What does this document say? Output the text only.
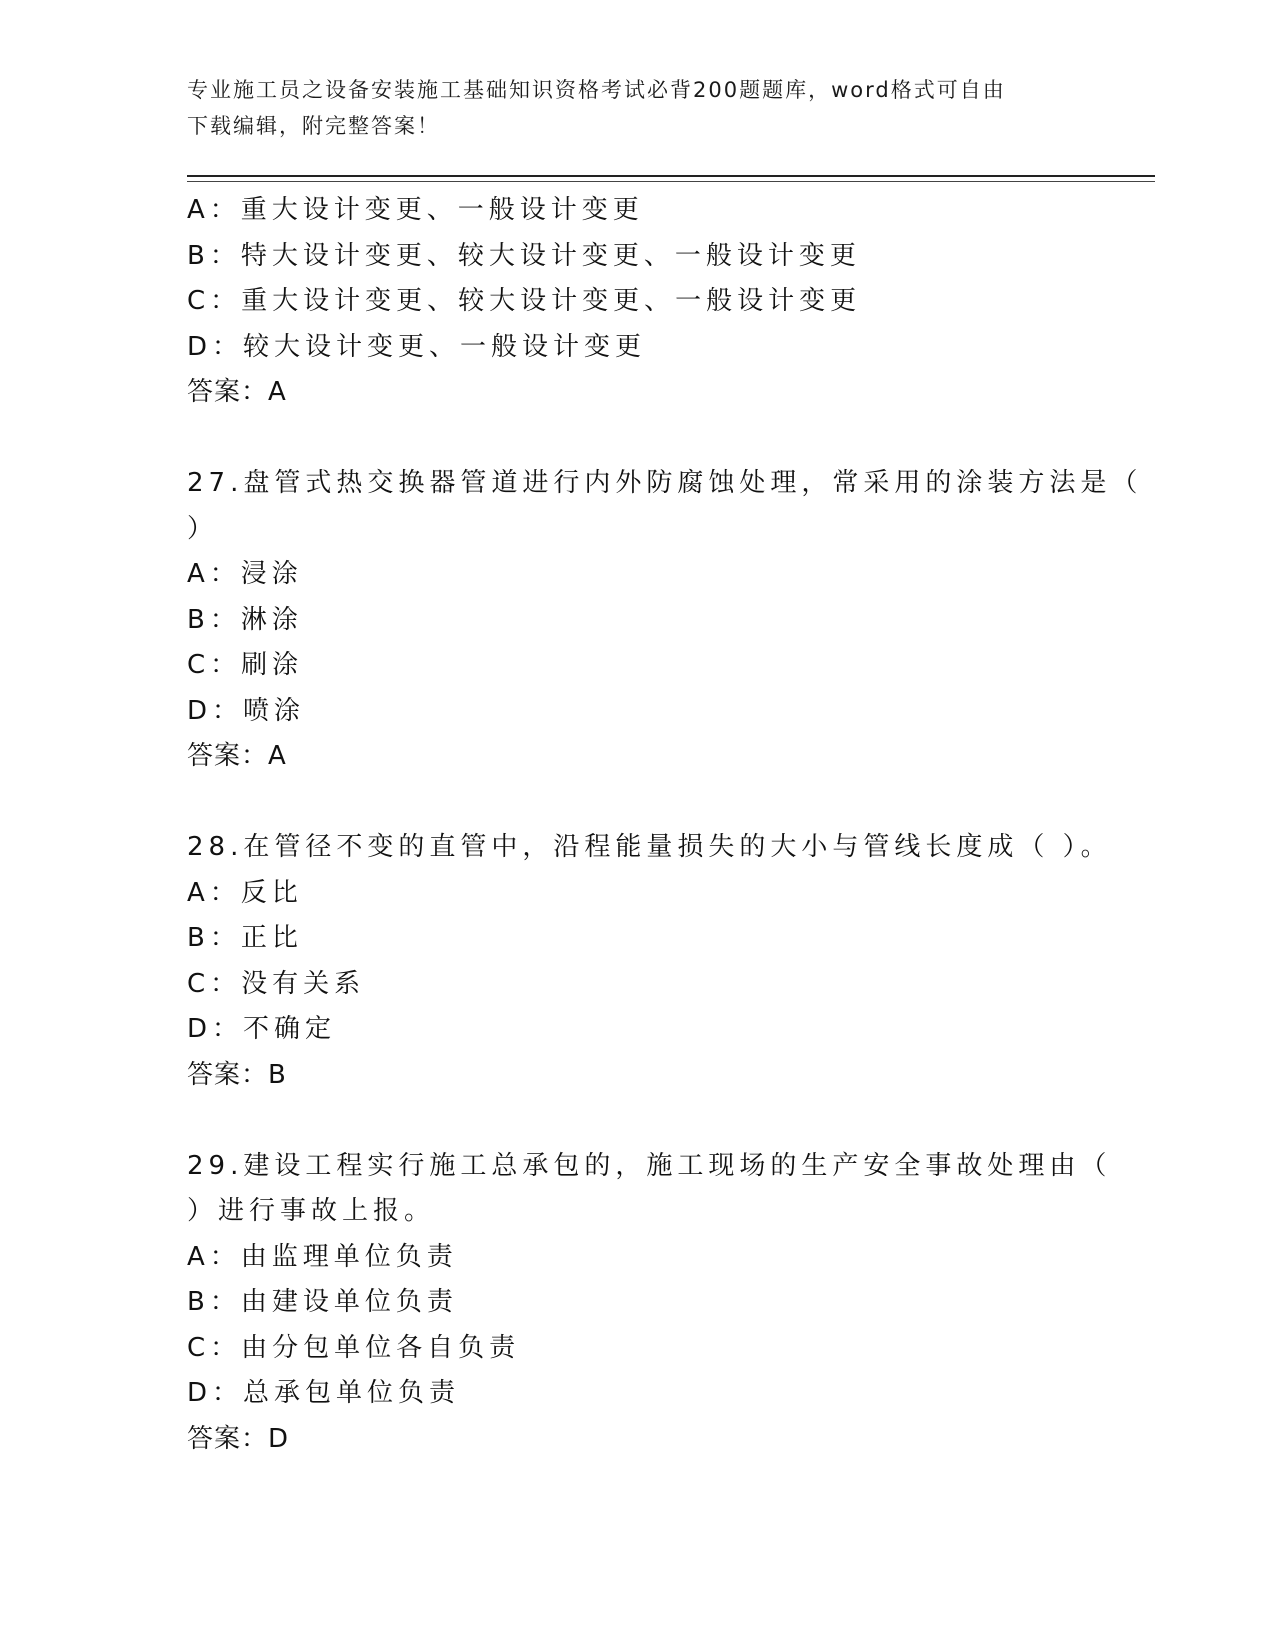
专业施工员之设备安装施工基础知识资格考试必背200题题库，word格式可自由
下载编辑，附完整答案！
A：重大设计变更、一般设计变更
B：特大设计变更、较大设计变更、一般设计变更
C：重大设计变更、较大设计变更、一般设计变更
D：较大设计变更、一般设计变更
答案：A
27.盘管式热交换器管道进行内外防腐蚀处理，常采用的涂装方法是（
）
A：浸涂
B：淋涂
C：刷涂
D：喷涂
答案：A
28.在管径不变的直管中，沿程能量损失的大小与管线长度成（ ）。
A：反比
B：正比
C：没有关系
D：不确定
答案：B
29.建设工程实行施工总承包的，施工现场的生产安全事故处理由（
）进行事故上报。
A：由监理单位负责
B：由建设单位负责
C：由分包单位各自负责
D：总承包单位负责
答案：D
